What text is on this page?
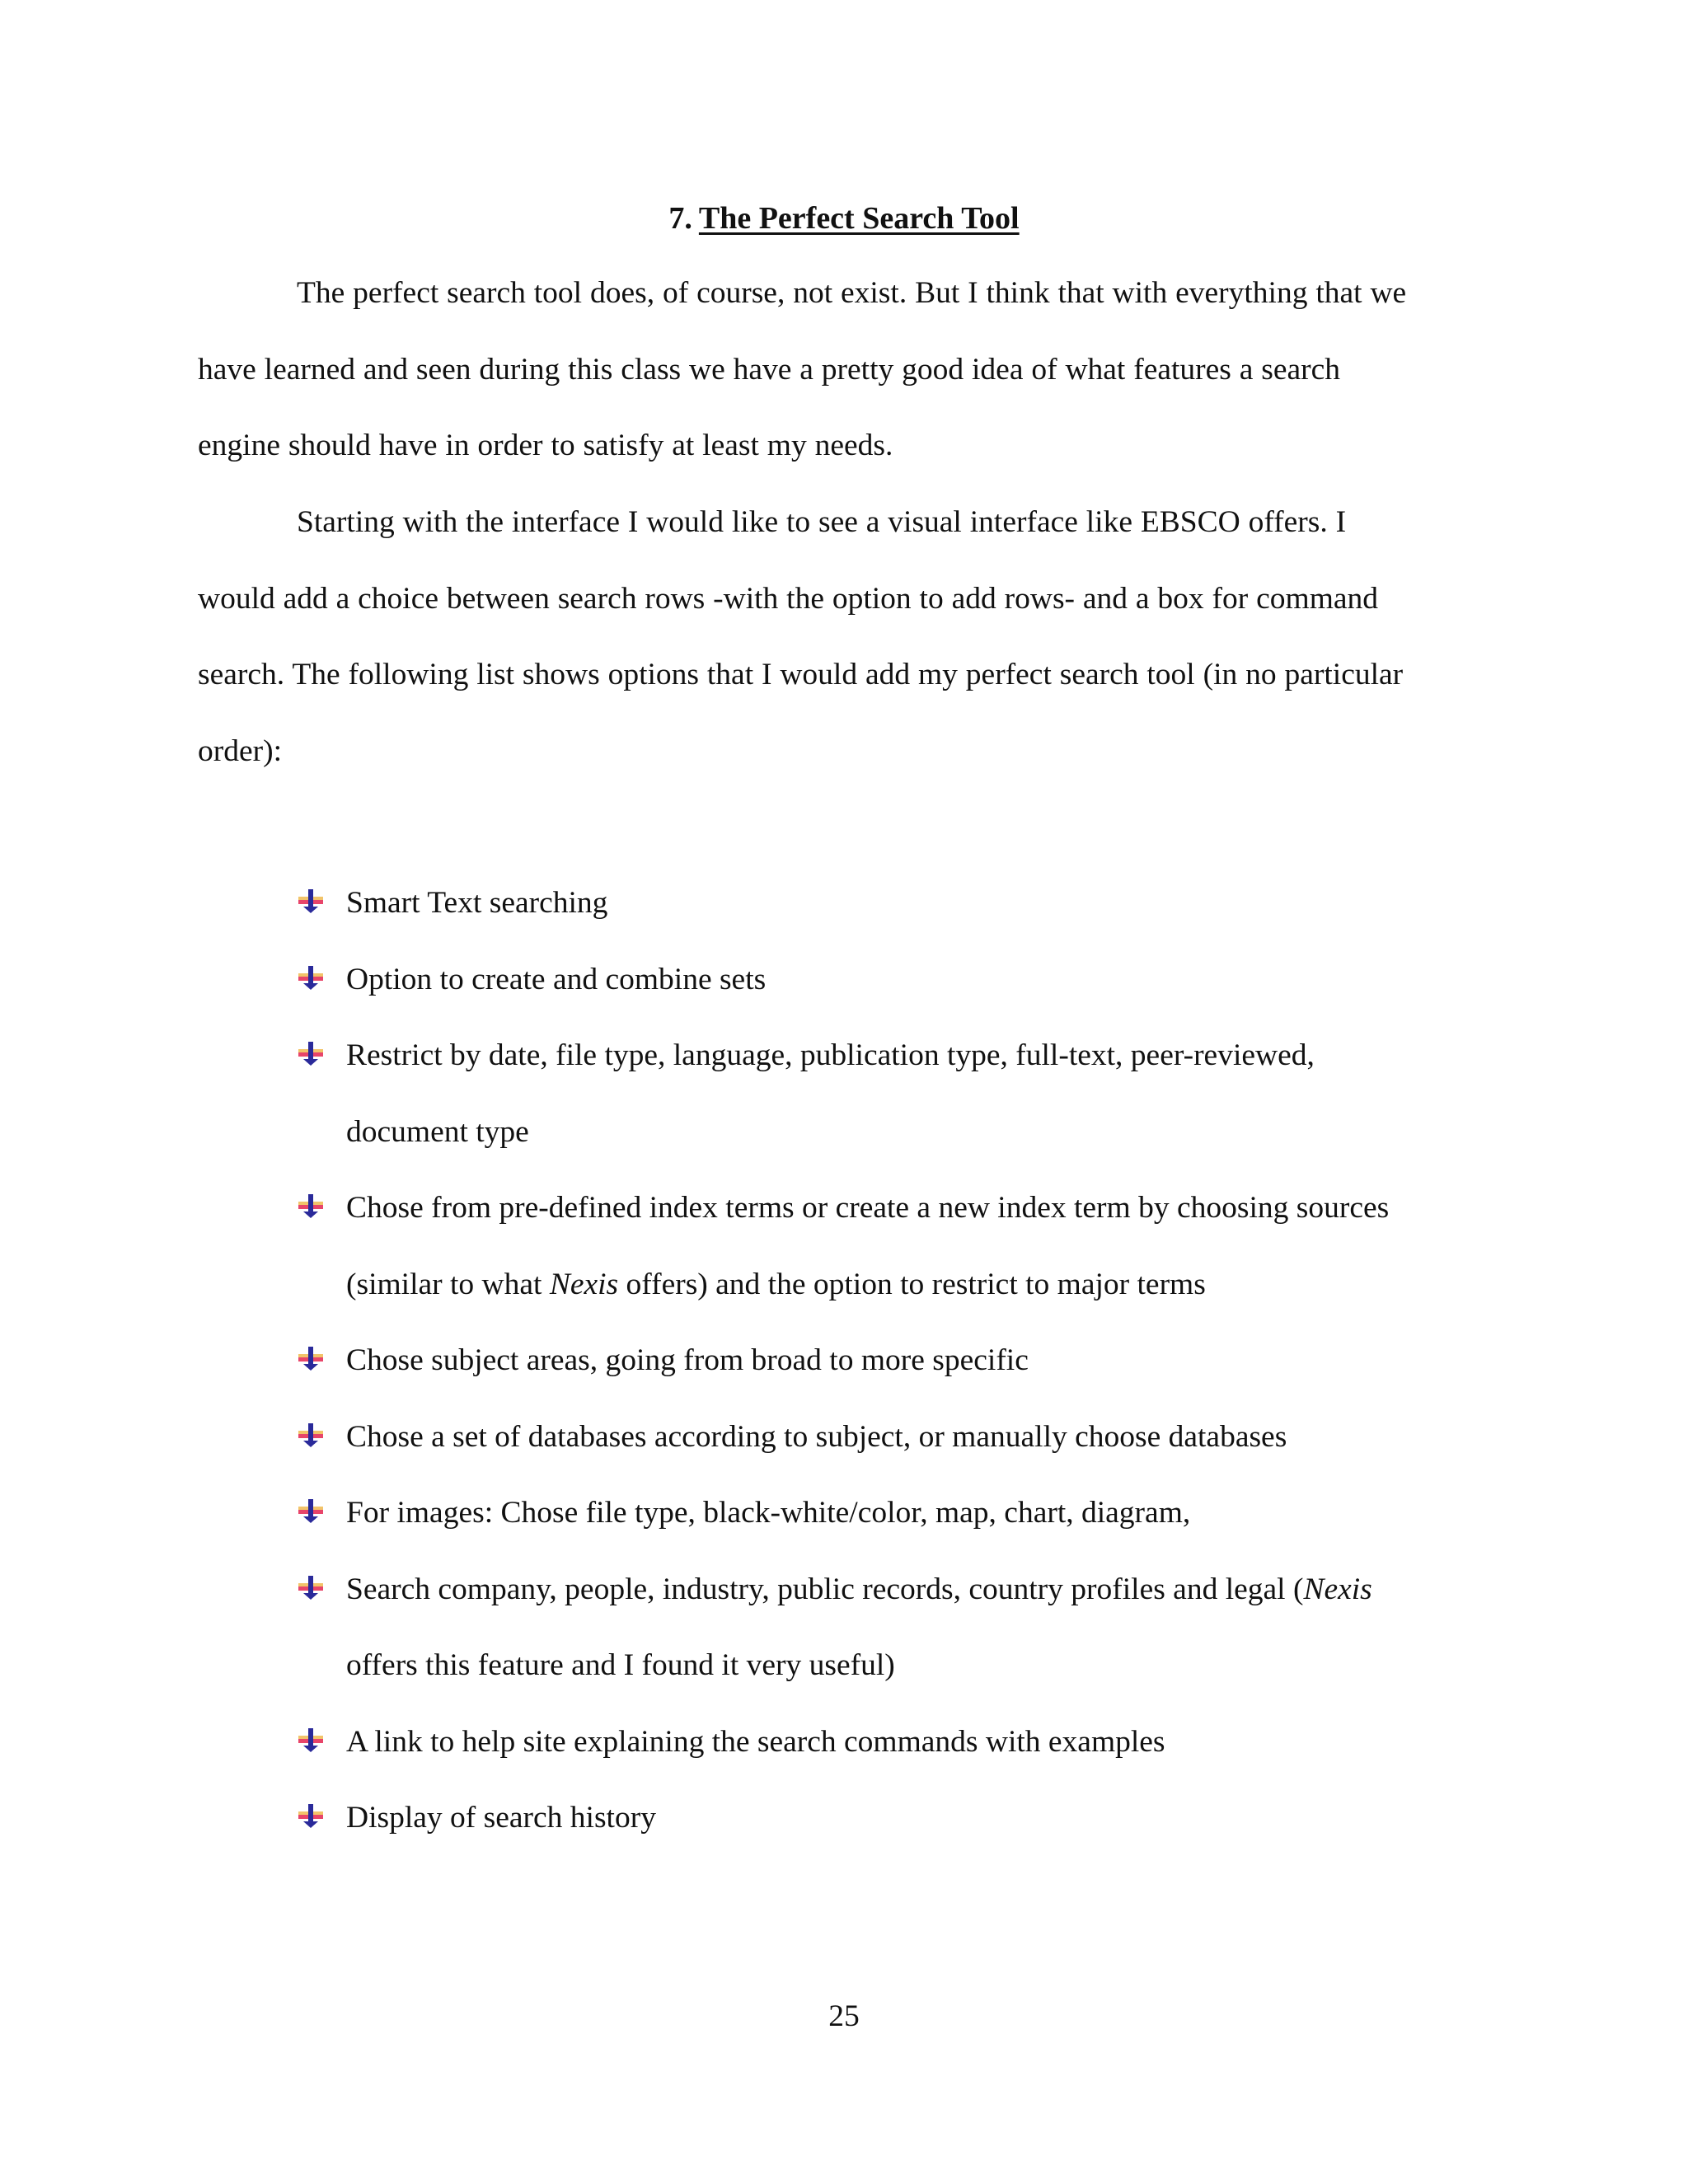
7. The Perfect Search Tool

The perfect search tool does, of course, not exist. But I think that with everything that we
have learned and seen during this class we have a pretty good idea of what features a search
engine should have in order to satisfy at least my needs.

Starting with the interface I would like to see a visual interface like EBSCO offers. I
would add a choice between search rows -with the option to add rows- and a box for command
search. The following list shows options that I would add my perfect search tool (in no particular
order):

Smart Text searching
Option to create and combine sets
Restrict by date, file type, language, publication type, full-text, peer-reviewed,
document type
Chose from pre-defined index terms or create a new index term by choosing sources
(similar to what Nexis offers) and the option to restrict to major terms
Chose subject areas, going from broad to more specific
Chose a set of databases according to subject, or manually choose databases
For images: Chose file type, black-white/color, map, chart, diagram,
Search company, people, industry, public records, country profiles and legal (Nexis
offers this feature and I found it very useful)
A link to help site explaining the search commands with examples
Display of search history
25
